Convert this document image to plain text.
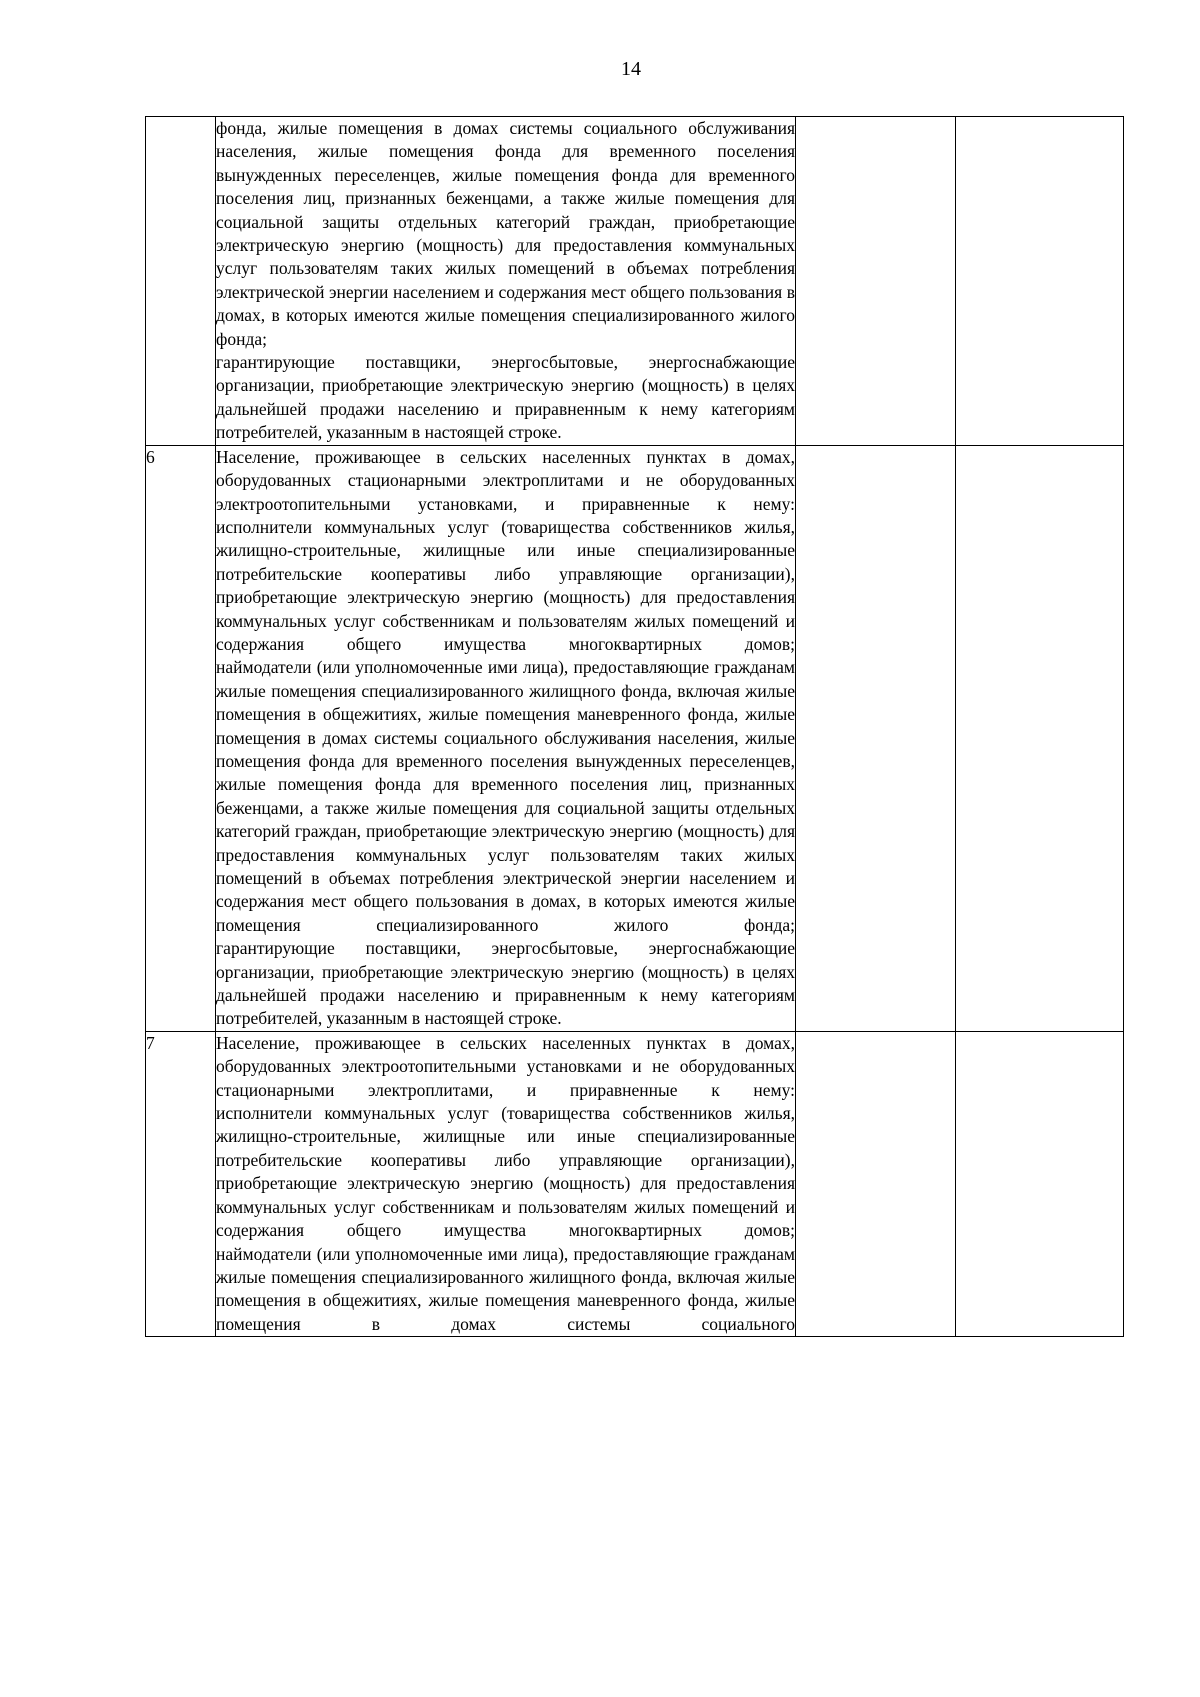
14

	фонда, жилые помещения в домах системы социального обслуживания населения, жилые помещения фонда для временного поселения вынужденных переселенцев, жилые помещения фонда для временного поселения лиц, признанных беженцами, а также жилые помещения для социальной защиты отдельных категорий граждан, приобретающие электрическую энергию (мощность) для предоставления коммунальных услуг пользователям таких жилых помещений в объемах потребления электрической энергии населением и содержания мест общего пользования в домах, в которых имеются жилые помещения специализированного жилого фонда;
гарантирующие поставщики, энергосбытовые, энергоснабжающие организации, приобретающие электрическую энергию (мощность) в целях дальнейшей продажи населению и приравненным к нему категориям потребителей, указанным в настоящей строке.		

6	Население, проживающее в сельских населенных пунктах в домах, оборудованных стационарными электроплитами и не оборудованных электроотопительными установками, и приравненные к нему:
исполнители коммунальных услуг (товарищества собственников жилья, жилищно-строительные, жилищные или иные специализированные потребительские кооперативы либо управляющие организации), приобретающие электрическую энергию (мощность) для предоставления коммунальных услуг собственникам и пользователям жилых помещений и содержания общего имущества многоквартирных домов;
наймодатели (или уполномоченные ими лица), предоставляющие гражданам жилые помещения специализированного жилищного фонда, включая жилые помещения в общежитиях, жилые помещения маневренного фонда, жилые помещения в домах системы социального обслуживания населения, жилые помещения фонда для временного поселения вынужденных переселенцев, жилые помещения фонда для временного поселения лиц, признанных беженцами, а также жилые помещения для социальной защиты отдельных категорий граждан, приобретающие электрическую энергию (мощность) для предоставления коммунальных услуг пользователям таких жилых помещений в объемах потребления электрической энергии населением и содержания мест общего пользования в домах, в которых имеются жилые помещения специализированного жилого фонда;
гарантирующие поставщики, энергосбытовые, энергоснабжающие организации, приобретающие электрическую энергию (мощность) в целях дальнейшей продажи населению и приравненным к нему категориям потребителей, указанным в настоящей строке.		

7	Население, проживающее в сельских населенных пунктах в домах, оборудованных электроотопительными установками и не оборудованных стационарными электроплитами, и приравненные к нему:
исполнители коммунальных услуг (товарищества собственников жилья, жилищно-строительные, жилищные или иные специализированные потребительские кооперативы либо управляющие организации), приобретающие электрическую энергию (мощность) для предоставления коммунальных услуг собственникам и пользователям жилых помещений и содержания общего имущества многоквартирных домов;
наймодатели (или уполномоченные ими лица), предоставляющие гражданам жилые помещения специализированного жилищного фонда, включая жилые помещения в общежитиях, жилые помещения маневренного фонда, жилые помещения в домах системы социального		
